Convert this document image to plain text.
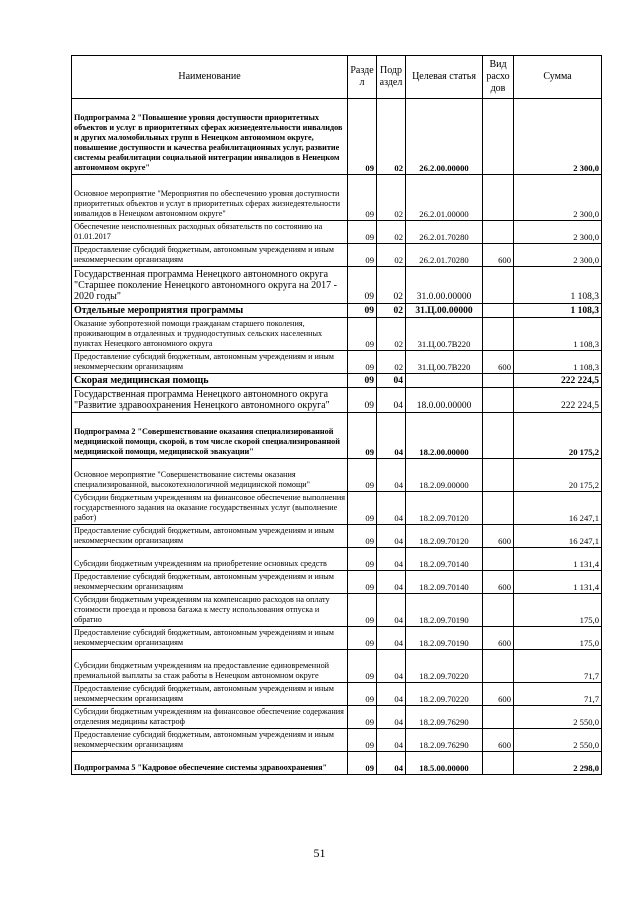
Наименование	Разде л	Подр аздел	Целевая статья	Вид расхо дов	Сумма
Подпрограмма 2 "Повышение уровня доступности приоритетных объектов и услуг в приоритетных сферах жизнедеятельности инвалидов и других маломобильных групп в Ненецком автономном округе, повышение доступности и качества реабилитационных услуг, развитие системы реабилитации социальной интеграции инвалидов в Ненецком автономном округе"	09	02	26.2.00.00000		2 300,0
Основное мероприятие "Мероприятия по обеспечению уровня доступности приоритетных объектов и услуг в приоритетных сферах жизнедеятельности инвалидов в Ненецком автономном округе"	09	02	26.2.01.00000		2 300,0
Обеспечение неисполненных расходных обязательств по состоянию на 01.01.2017	09	02	26.2.01.70280		2 300,0
Предоставление субсидий бюджетным, автономным учреждениям и иным некоммерческим организациям	09	02	26.2.01.70280	600	2 300,0
Государственная программа Ненецкого автономного округа "Старшее поколение Ненецкого автономного округа на 2017 - 2020 годы"	09	02	31.0.00.00000		1 108,3
Отдельные мероприятия программы	09	02	31.Ц.00.00000		1 108,3
Оказание зубопротезной помощи гражданам старшего поколения, проживающим в отдаленных и труднодоступных сельских населенных пунктах Ненецкого автономного округа	09	02	31.Ц.00.7В220		1 108,3
Предоставление субсидий бюджетным, автономным учреждениям и иным некоммерческим организациям	09	02	31.Ц.00.7В220	600	1 108,3
Скорая медицинская помощь	09	04			222 224,5
Государственная программа Ненецкого автономного округа "Развитие здравоохранения Ненецкого автономного округа"	09	04	18.0.00.00000		222 224,5
Подпрограмма 2 "Совершенствование оказания специализированной медицинской помощи, скорой, в том числе скорой специализированной медицинской помощи, медицинской эвакуации"	09	04	18.2.00.00000		20 175,2
Основное мероприятие "Совершенствование системы оказания специализированной, высокотехнологичной медицинской помощи"	09	04	18.2.09.00000		20 175,2
Субсидии бюджетным учреждениям на финансовое обеспечение выполнения государственного задания на оказание государственных услуг (выполнение работ)	09	04	18.2.09.70120		16 247,1
Предоставление субсидий бюджетным, автономным учреждениям и иным некоммерческим организациям	09	04	18.2.09.70120	600	16 247,1
Субсидии бюджетным учреждениям на приобретение основных средств	09	04	18.2.09.70140		1 131,4
Предоставление субсидий бюджетным, автономным учреждениям и иным некоммерческим организациям	09	04	18.2.09.70140	600	1 131,4
Субсидии бюджетным учреждениям на компенсацию расходов на оплату стоимости проезда и провоза багажа к месту использования отпуска и обратно	09	04	18.2.09.70190		175,0
Предоставление субсидий бюджетным, автономным учреждениям и иным некоммерческим организациям	09	04	18.2.09.70190	600	175,0
Субсидии бюджетным учреждениям на предоставление единовременной премиальной выплаты за стаж работы в Ненецком автономном округе	09	04	18.2.09.70220		71,7
Предоставление субсидий бюджетным, автономным учреждениям и иным некоммерческим организациям	09	04	18.2.09.70220	600	71,7
Субсидии бюджетным учреждениям на финансовое обеспечение содержания отделения медицины катастроф	09	04	18.2.09.76290		2 550,0
Предоставление субсидий бюджетным, автономным учреждениям и иным некоммерческим организациям	09	04	18.2.09.76290	600	2 550,0
Подпрограмма 5 "Кадровое обеспечение системы здравоохранения"	09	04	18.5.00.00000		2 298,0
51
